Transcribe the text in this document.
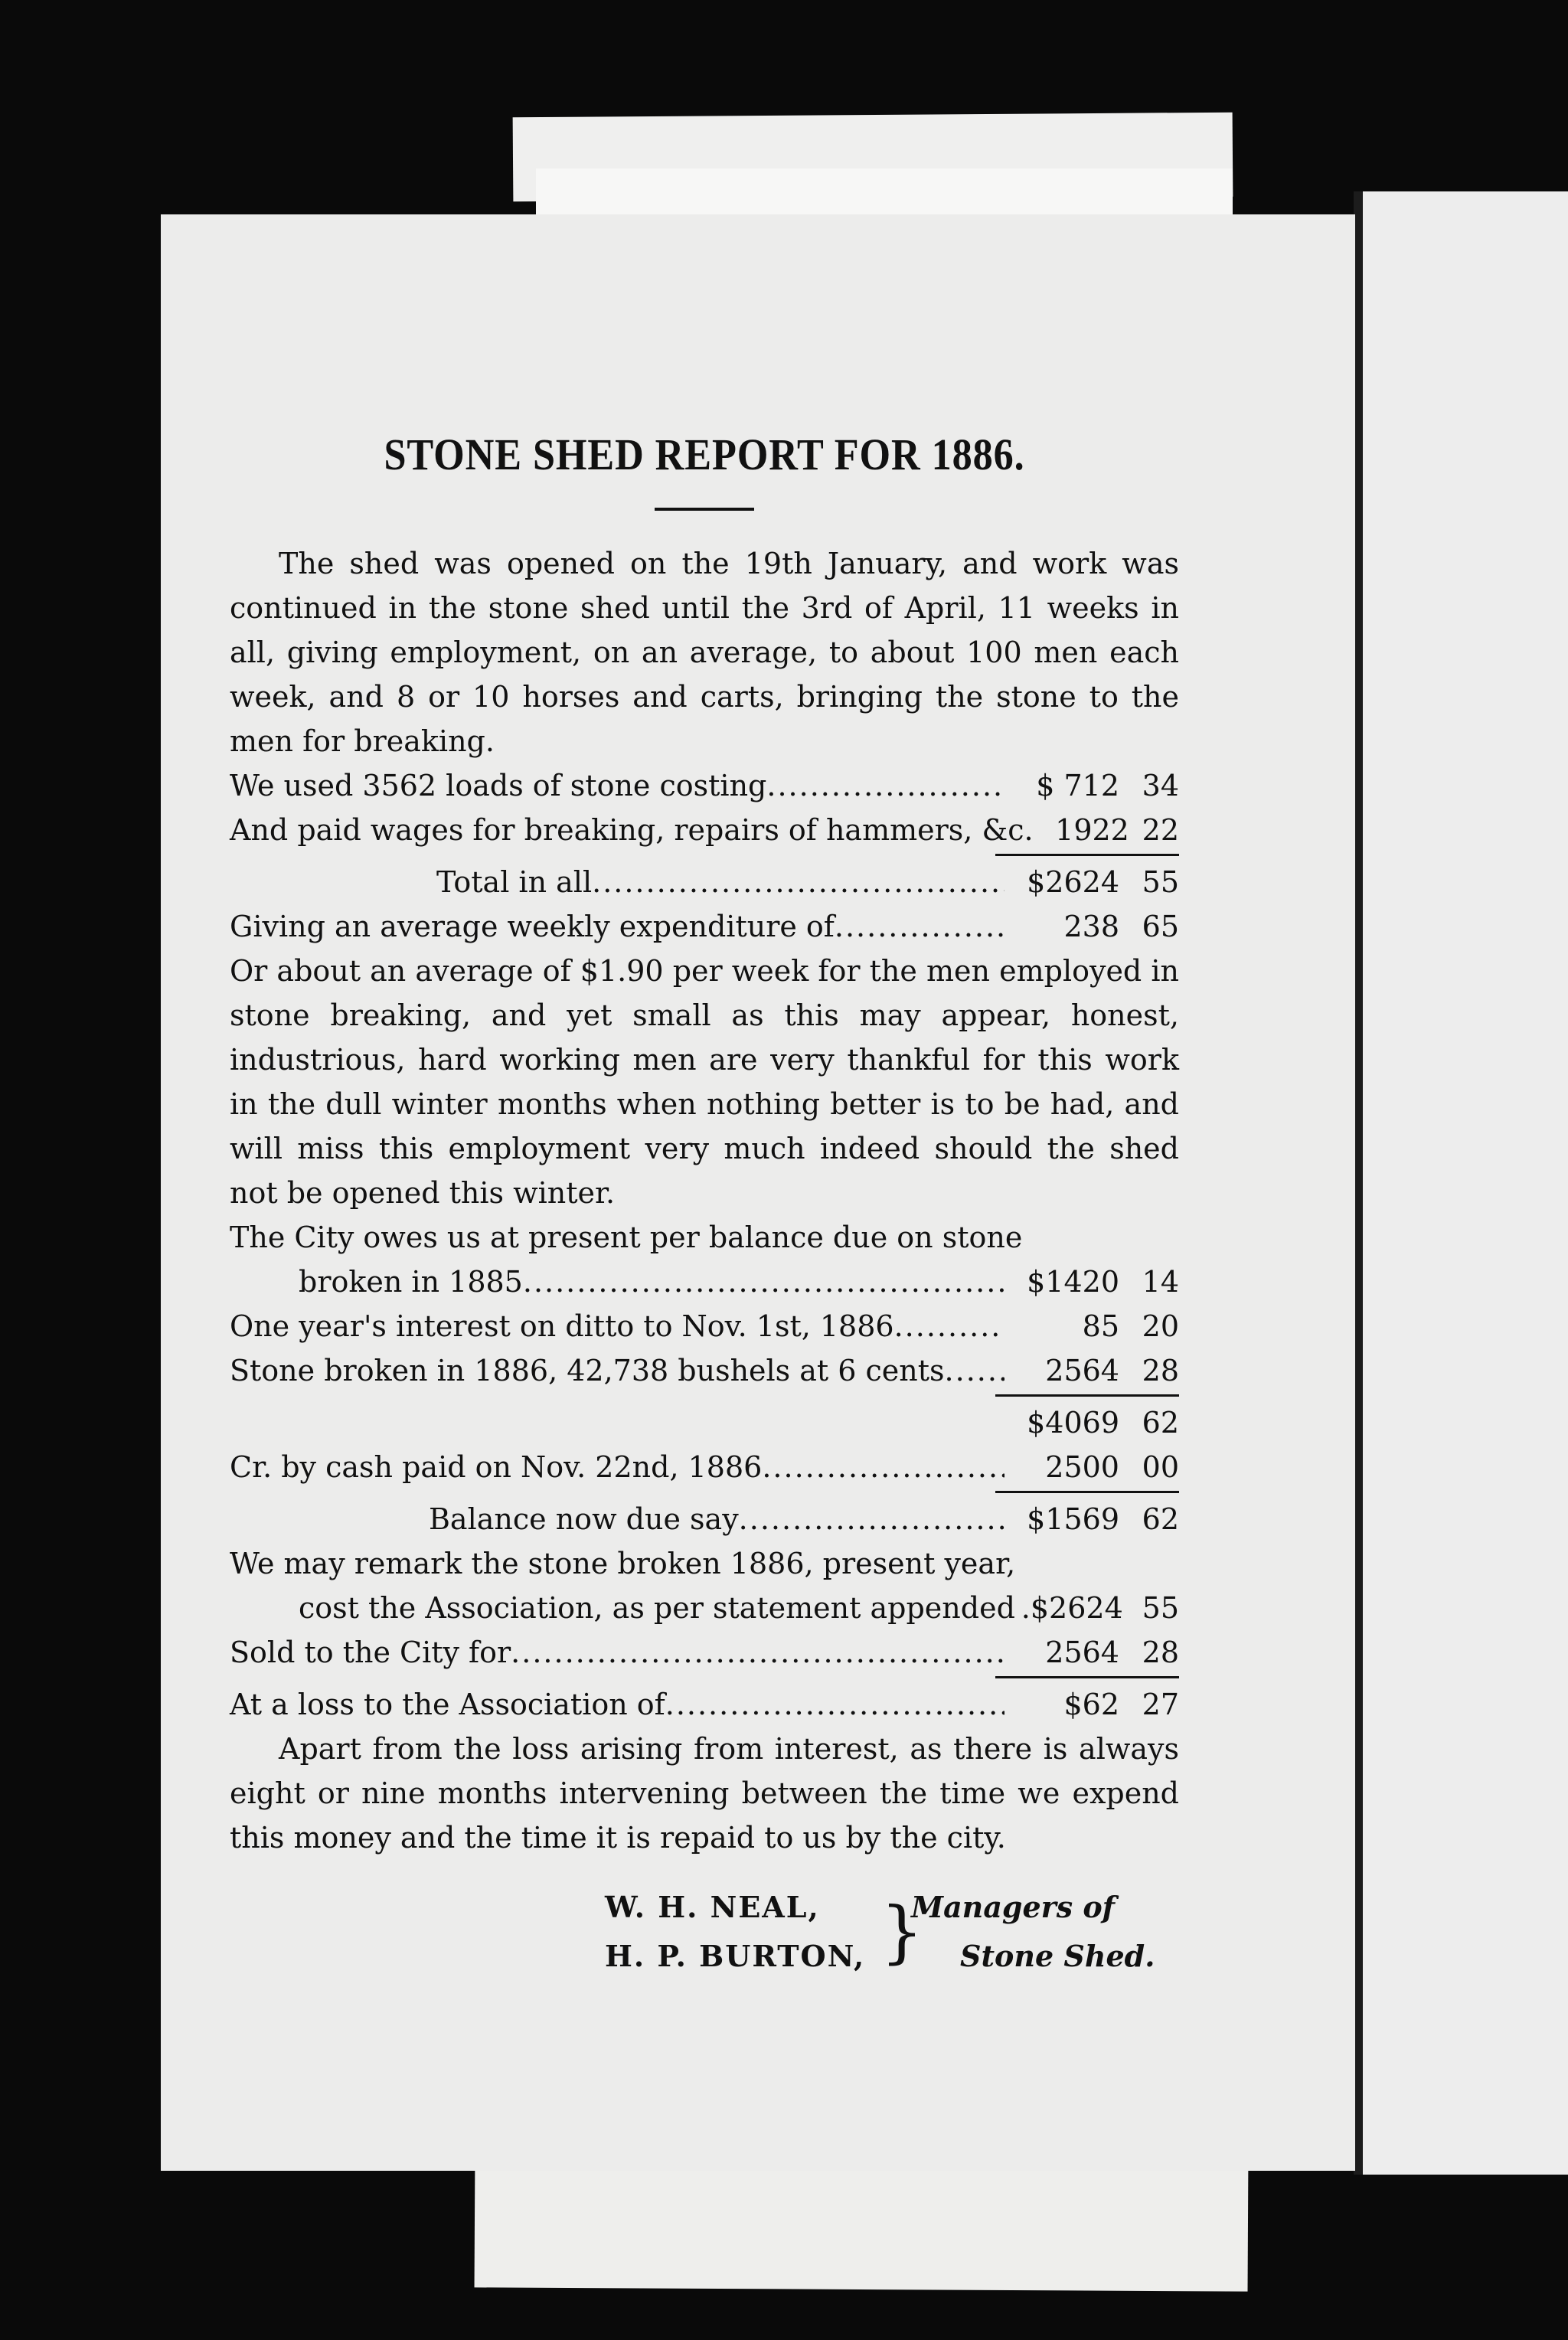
STONE SHED REPORT FOR 1886.

The shed was opened on the 19th January, and work was continued in the stone shed until the 3rd of April, 11 weeks in all, giving employment, on an average, to about 100 men each week, and 8 or 10 horses and carts, bringing the stone to the men for breaking.

We used 3562 loads of stone costing .....	$ 712 34
And paid wages for breaking, repairs of hammers, &c. 1922 22
Total in all .....	$2624 55
Giving an average weekly expenditure of .....	238 65

Or about an average of $1.90 per week for the men employed in stone breaking, and yet small as this may appear, honest, industrious, hard working men are very thankful for this work in the dull winter months when nothing better is to be had, and will miss this employment very much indeed should the shed not be opened this winter.

The City owes us at present per balance due on stone

broken in 1885 .....	$1420 14
One year's interest on ditto to Nov. 1st, 1886 .....	85 20
Stone broken in 1886, 42,738 bushels at 6 cents .....	2564 28
$4069 62
Cr. by cash paid on Nov. 22nd, 1886 .....	2500 00
Balance now due say .....	$1569 62

We may remark the stone broken 1886, present year,

cost the Association, as per statement appended .$2624 55
Sold to the City for .....	2564 28
At a loss to the Association of .....	$62 27

Apart from the loss arising from interest, as there is always eight or nine months intervening between the time we expend this money and the time it is repaid to us by the city.

W. H. NEAL,
H. P. BURTON, }
Managers of
Stone Shed.
